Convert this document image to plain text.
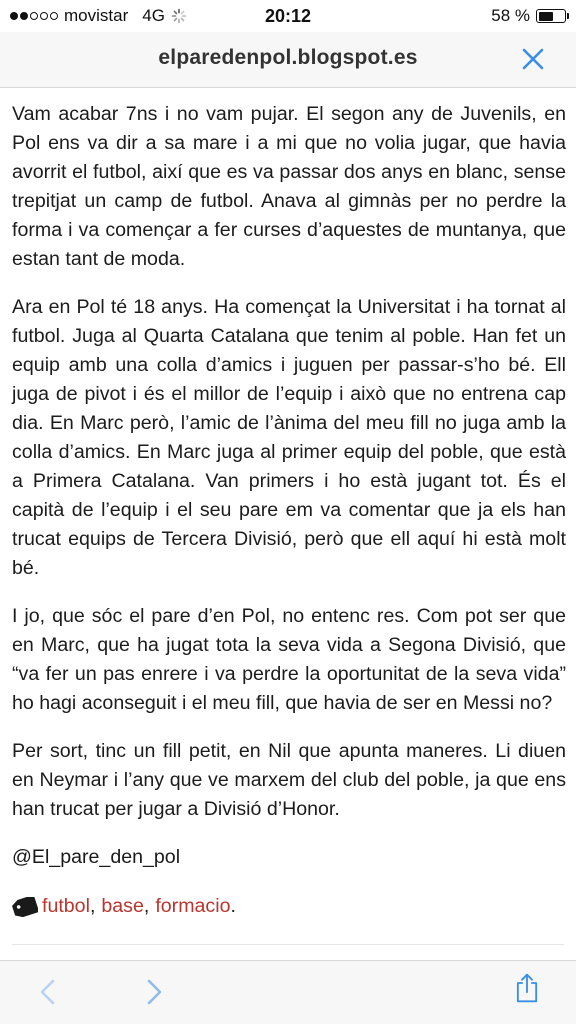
movistar 4G	20:12	58 %
elparedenpol.blogspot.es

Vam acabar 7ns i no vam pujar. El segon any de Juvenils, en Pol ens va dir a sa mare i a mi que no volia jugar, que havia avorrit el futbol, així que es va passar dos anys en blanc, sense trepitjat un camp de futbol. Anava al gimnàs per no perdre la forma i va començar a fer curses d’aquestes de muntanya, que estan tant de moda.

Ara en Pol té 18 anys. Ha començat la Universitat i ha tornat al futbol. Juga al Quarta Catalana que tenim al poble. Han fet un equip amb una colla d’amics i juguen per passar-s’ho bé. Ell juga de pivot i és el millor de l’equip i això que no entrena cap dia. En Marc però, l’amic de l’ànima del meu fill no juga amb la colla d’amics. En Marc juga al primer equip del poble, que està a Primera Catalana. Van primers i ho està jugant tot. És el capità de l’equip i el seu pare em va comentar que ja els han trucat equips de Tercera Divisió, però que ell aquí hi està molt bé.

I jo, que sóc el pare d’en Pol, no entenc res. Com pot ser que en Marc, que ha jugat tota la seva vida a Segona Divisió, que “va fer un pas enrere i va perdre la oportunitat de la seva vida” ho hagi aconseguit i el meu fill, que havia de ser en Messi no?

Per sort, tinc un fill petit, en Nil que apunta maneres. Li diuen en Neymar i l’any que ve marxem del club del poble, ja que ens han trucat per jugar a Divisió d’Honor.

@El_pare_den_pol

futbol , base , formacio .
